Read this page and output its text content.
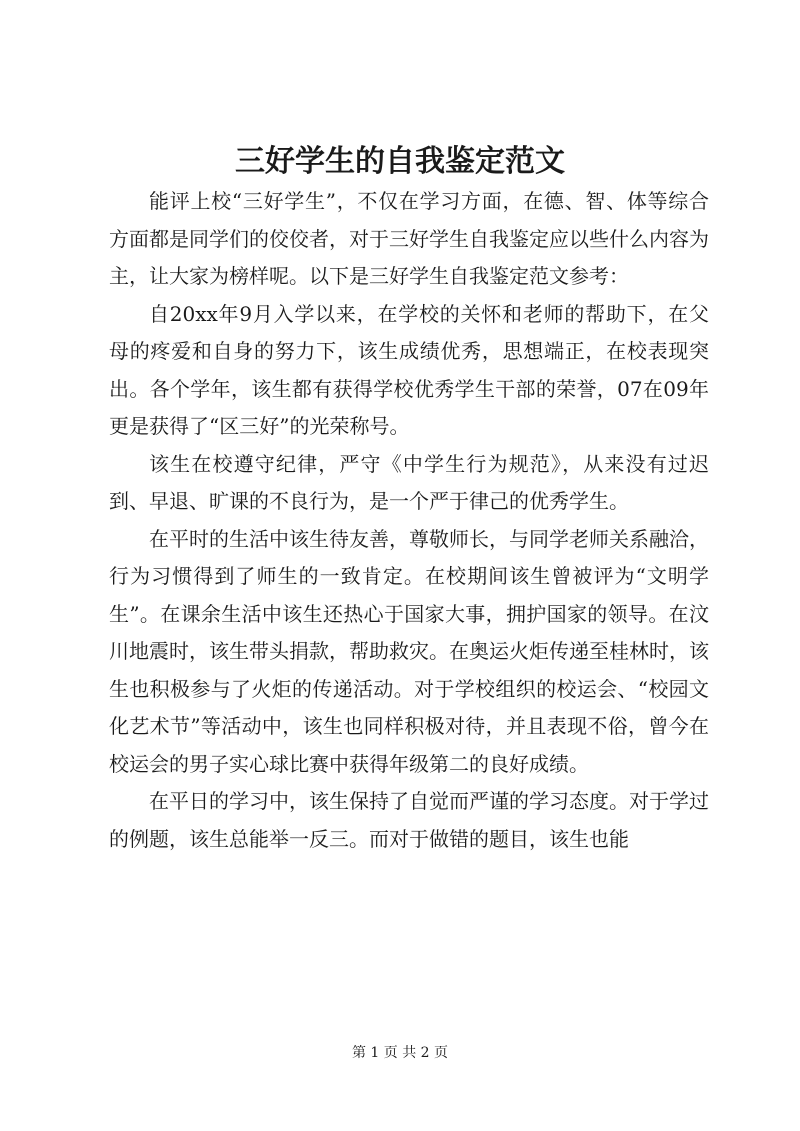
三好学生的自我鉴定范文

能评上校“三好学生”，不仅在学习方面，在德、智、体等综合方面都是同学们的佼佼者，对于三好学生自我鉴定应以些什么内容为主，让大家为榜样呢。以下是三好学生自我鉴定范文参考：

自20xx年9月入学以来，在学校的关怀和老师的帮助下，在父母的疼爱和自身的努力下，该生成绩优秀，思想端正，在校表现突出。各个学年，该生都有获得学校优秀学生干部的荣誉，07在09年更是获得了“区三好”的光荣称号。

该生在校遵守纪律，严守《中学生行为规范》，从来没有过迟到、早退、旷课的不良行为，是一个严于律己的优秀学生。

在平时的生活中该生待友善，尊敬师长，与同学老师关系融洽，行为习惯得到了师生的一致肯定。在校期间该生曾被评为“文明学生”。在课余生活中该生还热心于国家大事，拥护国家的领导。在汶川地震时，该生带头捐款，帮助救灾。在奥运火炬传递至桂林时，该生也积极参与了火炬的传递活动。对于学校组织的校运会、“校园文化艺术节”等活动中，该生也同样积极对待，并且表现不俗，曾今在校运会的男子实心球比赛中获得年级第二的良好成绩。

在平日的学习中，该生保持了自觉而严谨的学习态度。对于学过的例题，该生总能举一反三。而对于做错的题目，该生也能

第 1 页 共 2 页
